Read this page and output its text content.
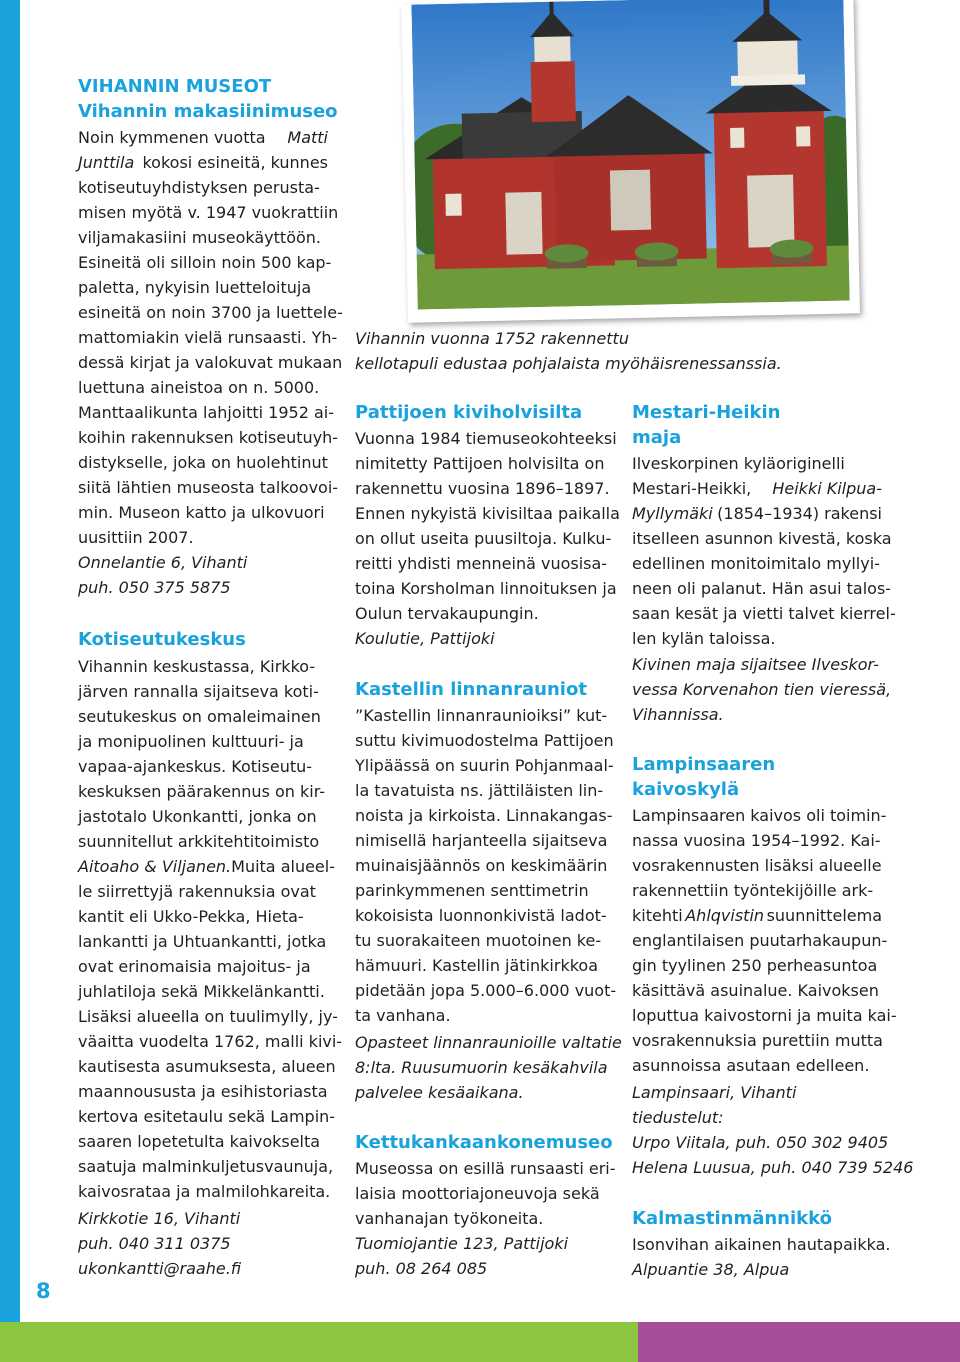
8
Vihannin vuonna 1752 rakennettu
kellotapuli edustaa pohjalaista myöhäisrenessanssia.
VIHANNIN MUSEOT
Vihannin makasiinimuseo
Noin kymmenen vuotta Matti
Junttila kokosi esineitä, kunnes
kotiseutuyhdistyksen perusta-
misen myötä v. 1947 vuokrattiin
viljamakasiini museokäyttöön.
Esineitä oli silloin noin 500 kap-
paletta, nykyisin luetteloituja
esineitä on noin 3700 ja luettele-
mattomiakin vielä runsaasti. Yh-
dessä kirjat ja valokuvat mukaan
luettuna aineistoa on n. 5000.
Manttaalikunta lahjoitti 1952 ai-
koihin rakennuksen kotiseutuyh-
distykselle, joka on huolehtinut
siitä lähtien museosta talkoovoi-
min. Museon katto ja ulkovuori
uusittiin 2007.
Onnelantie 6, Vihanti
puh. 050 375 5875
Kotiseutukeskus
Vihannin keskustassa, Kirkko-
järven rannalla sijaitseva koti-
seutukeskus on omaleimainen
ja monipuolinen kulttuuri- ja
vapaa-ajankeskus. Kotiseutu-
keskuksen päärakennus on kir-
jastotalo Ukonkantti, jonka on
suunnitellut arkkitehtitoimisto
Aitoaho & Viljanen. Muita alueel-
le siirrettyjä rakennuksia ovat
kantit eli Ukko-Pekka, Hieta-
lankantti ja Uhtuankantti, jotka
ovat erinomaisia majoitus- ja
juhlatiloja sekä Mikkelänkantti.
Lisäksi alueella on tuulimylly, jy-
väaitta vuodelta 1762, malli kivi-
kautisesta asumuksesta, alueen
maannoususta ja esihistoriasta
kertova esitetaulu sekä Lampin-
saaren lopetetulta kaivokselta
saatuja malminkuljetusvaunuja,
kaivosrataa ja malmilohkareita.
Kirkkotie 16, Vihanti
puh. 040 311 0375
ukonkantti@raahe.fi
Pattijoen kiviholvisilta
Vuonna 1984 tiemuseokohteeksi
nimitetty Pattijoen holvisilta on
rakennettu vuosina 1896–1897.
Ennen nykyistä kivisiltaa paikalla
on ollut useita puusiltoja. Kulku-
reitti yhdisti menneinä vuosisa-
toina Korsholman linnoituksen ja
Oulun tervakaupungin.
Koulutie, Pattijoki
Kastellin linnanrauniot
”Kastellin linnanraunioiksi” kut-
suttu kivimuodostelma Pattijoen
Ylipäässä on suurin Pohjanmaal-
la tavatuista ns. jättiläisten lin-
noista ja kirkoista. Linnakangas-
nimisellä harjanteella sijaitseva
muinaisjäännös on keskimäärin
parinkymmenen senttimetrin
kokoisista luonnonkivistä ladot-
tu suorakaiteen muotoinen ke-
hämuuri. Kastellin jätinkirkkoa
pidetään jopa 5.000–6.000 vuot-
ta vanhana.
Opasteet linnanraunioille valtatie
8:lta. Ruusumuorin kesäkahvila
palvelee kesäaikana.
Kettukankaankonemuseo
Museossa on esillä runsaasti eri-
laisia moottoriajoneuvoja sekä
vanhanajan työkoneita.
Tuomiojantie 123, Pattijoki
puh. 08 264 085
Mestari-Heikin
maja
Ilveskorpinen kyläoriginelli
Mestari-Heikki, Heikki Kilpua-
Myllymäki (1854–1934) rakensi
itselleen asunnon kivestä, koska
edellinen monitoimitalo myllyi-
neen oli palanut. Hän asui talos-
saan kesät ja vietti talvet kierrel-
len kylän taloissa.
Kivinen maja sijaitsee Ilveskor-
vessa Korvenahon tien vieressä,
Vihannissa.
Lampinsaaren
kaivoskylä
Lampinsaaren kaivos oli toimin-
nassa vuosina 1954–1992. Kai-
vosrakennusten lisäksi alueelle
rakennettiin työntekijöille ark-
kitehti Ahlqvistin suunnittelema
englantilaisen puutarhakaupun-
gin tyylinen 250 perheasuntoa
käsittävä asuinalue. Kaivoksen
loputtua kaivostorni ja muita kai-
vosrakennuksia purettiin mutta
asunnoissa asutaan edelleen.
Lampinsaari, Vihanti
tiedustelut:
Urpo Viitala, puh. 050 302 9405
Helena Luusua, puh. 040 739 5246
Kalmastinmännikkö
Isonvihan aikainen hautapaikka.
Alpuantie 38, Alpua
